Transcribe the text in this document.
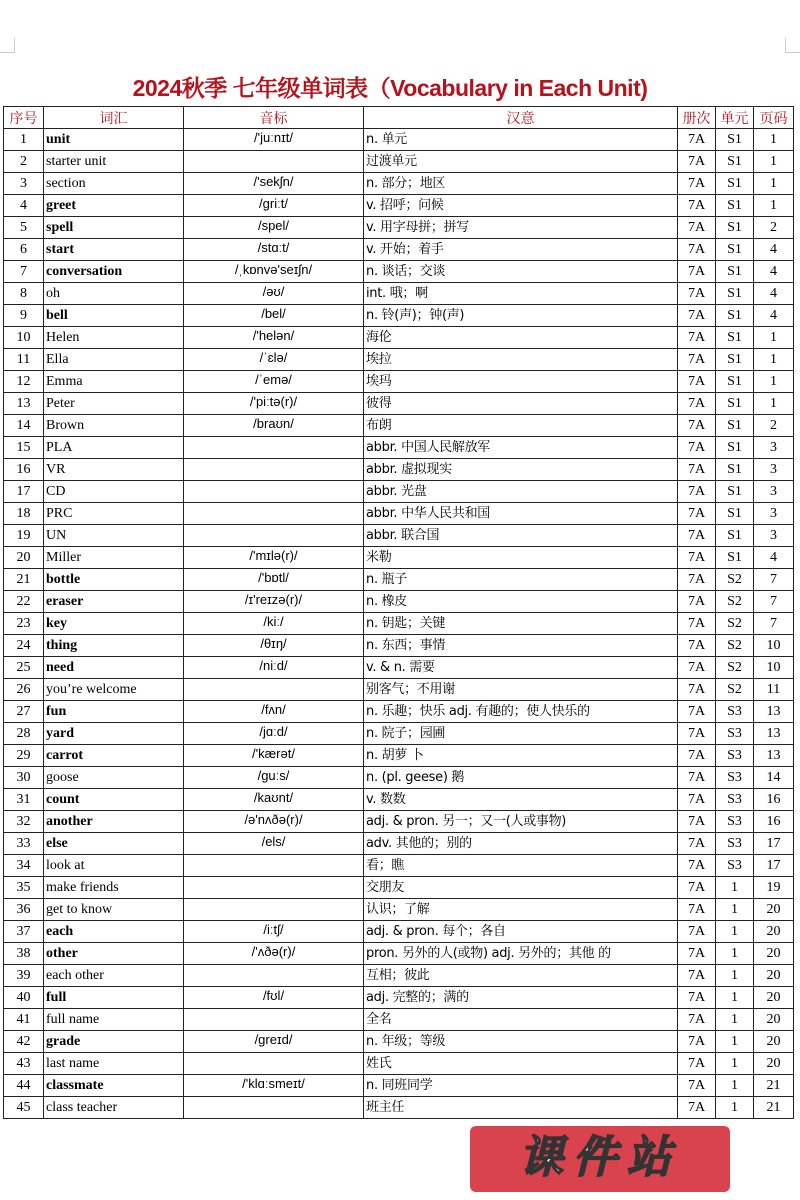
2024秋季 七年级单词表（Vocabulary in Each Unit)
序号	词汇	音标	汉意	册次	单元	页码
1	unit	/'juːnɪt/	n. 单元	7A	S1	1
2	starter unit		过渡单元	7A	S1	1
3	section	/'sekʃn/	n. 部分；地区	7A	S1	1
4	greet	/griːt/	v. 招呼；问候	7A	S1	1
5	spell	/spel/	v. 用字母拼；拼写	7A	S1	2
6	start	/stɑːt/	v. 开始；着手	7A	S1	4
7	conversation	/ˌkɒnvə'seɪʃn/	n. 谈话；交谈	7A	S1	4
8	oh	/əʊ/	int. 哦；啊	7A	S1	4
9	bell	/bel/	n. 铃(声)；钟(声)	7A	S1	4
10	Helen	/'helən/	海伦	7A	S1	1
11	Ella	/ˈɛlə/	埃拉	7A	S1	1
12	Emma	/ˈemə/	埃玛	7A	S1	1
13	Peter	/'piːtə(r)/	彼得	7A	S1	1
14	Brown	/braʊn/	布朗	7A	S1	2
15	PLA		abbr. 中国人民解放军	7A	S1	3
16	VR		abbr. 虚拟现实	7A	S1	3
17	CD		abbr. 光盘	7A	S1	3
18	PRC		abbr. 中华人民共和国	7A	S1	3
19	UN		abbr. 联合国	7A	S1	3
20	Miller	/'mɪlə(r)/	米勒	7A	S1	4
21	bottle	/'bɒtl/	n. 瓶子	7A	S2	7
22	eraser	/ɪ'reɪzə(r)/	n. 橡皮	7A	S2	7
23	key	/kiː/	n. 钥匙；关键	7A	S2	7
24	thing	/θɪŋ/	n. 东西；事情	7A	S2	10
25	need	/niːd/	v. & n. 需要	7A	S2	10
26	you’re welcome		别客气；不用谢	7A	S2	11
27	fun	/fʌn/	n. 乐趣；快乐 adj. 有趣的；使人快乐的	7A	S3	13
28	yard	/jɑːd/	n. 院子；园圃	7A	S3	13
29	carrot	/'kærət/	n. 胡萝 卜	7A	S3	13
30	goose	/guːs/	n. (pl. geese) 鹅	7A	S3	14
31	count	/kaʊnt/	v. 数数	7A	S3	16
32	another	/ə'nʌðə(r)/	adj. & pron. 另一；又一(人或事物)	7A	S3	16
33	else	/els/	adv. 其他的；别的	7A	S3	17
34	look at		看；瞧	7A	S3	17
35	make friends		交朋友	7A	1	19
36	get to know		认识；了解	7A	1	20
37	each	/iːtʃ/	adj. & pron. 每个；各自	7A	1	20
38	other	/'ʌðə(r)/	pron. 另外的人(或物) adj. 另外的；其他 的	7A	1	20
39	each other		互相；彼此	7A	1	20
40	full	/fʊl/	adj. 完整的；满的	7A	1	20
41	full name		全名	7A	1	20
42	grade	/greɪd/	n. 年级；等级	7A	1	20
43	last name		姓氏	7A	1	20
44	classmate	/'klɑːsmeɪt/	n. 同班同学	7A	1	21
45	class teacher		班主任	7A	1	21
课件站
